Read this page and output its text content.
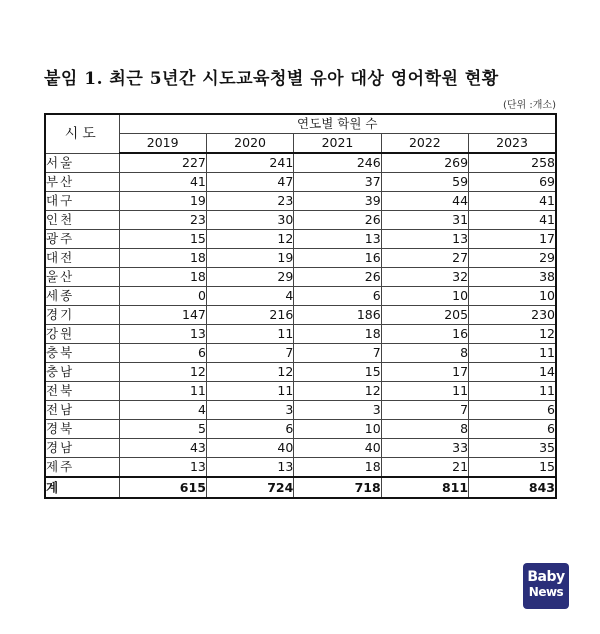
붙임 1. 최근 5년간 시도교육청별 유아 대상 영어학원 현황
(단위 :개소)
시도	연도별 학원 수				
	2019	2020	2021	2022	2023
서울	227	241	246	269	258
부산	41	47	37	59	69
대구	19	23	39	44	41
인천	23	30	26	31	41
광주	15	12	13	13	17
대전	18	19	16	27	29
울산	18	29	26	32	38
세종	0	4	6	10	10
경기	147	216	186	205	230
강원	13	11	18	16	12
충북	6	7	7	8	11
충남	12	12	15	17	14
전북	11	11	12	11	11
전남	4	3	3	7	6
경북	5	6	10	8	6
경남	43	40	40	33	35
제주	13	13	18	21	15
계	615	724	718	811	843
Baby
News
